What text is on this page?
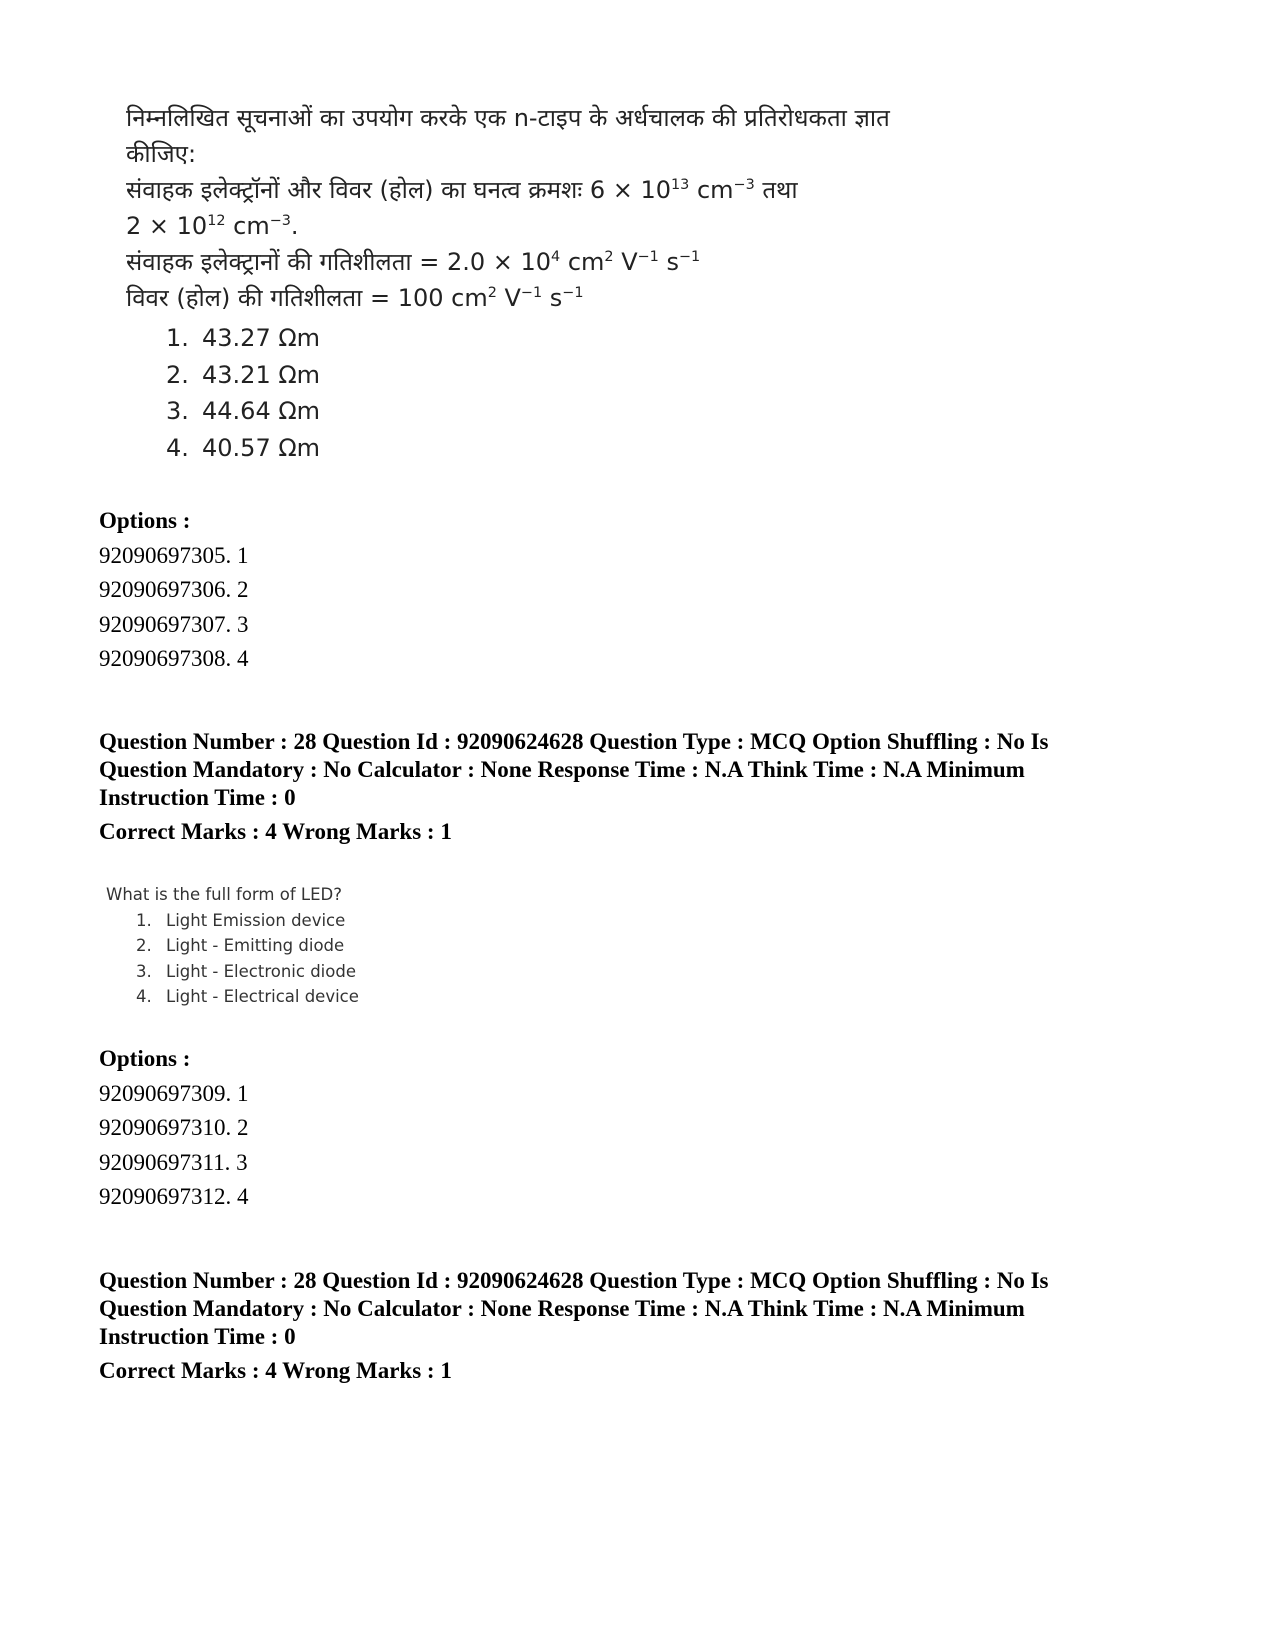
निम्नलिखित सूचनाओं का उपयोग करके एक n-टाइप के अर्धचालक की प्रतिरोधकता ज्ञात
कीजिए:
संवाहक इलेक्ट्रॉनों और विवर (होल) का घनत्व क्रमशः $6 \times 10^{13}$ $cm^{-3}$ तथा
$2 \times 10^{12}$ $cm^{-3}$.
संवाहक इलेक्ट्रानों की गतिशीलता = $2.0 \times 10^4$ $cm^2$ $V^{-1}$ $s^{-1}$
विवर (होल) की गतिशीलता = 100 $cm^2$ $V^{-1}$ $s^{-1}$
1. 43.27 Ωm
2. 43.21 Ωm
3. 44.64 Ωm
4. 40.57 Ωm
Options :
92090697305. 1
92090697306. 2
92090697307. 3
92090697308. 4
Question Number : 28 Question Id : 92090624628 Question Type : MCQ Option Shuffling : No Is
Question Mandatory : No Calculator : None Response Time : N.A Think Time : N.A Minimum
Instruction Time : 0
Correct Marks : 4 Wrong Marks : 1
What is the full form of LED?
1. Light Emission device
2. Light - Emitting diode
3. Light - Electronic diode
4. Light - Electrical device
Options :
92090697309. 1
92090697310. 2
92090697311. 3
92090697312. 4
Question Number : 28 Question Id : 92090624628 Question Type : MCQ Option Shuffling : No Is
Question Mandatory : No Calculator : None Response Time : N.A Think Time : N.A Minimum
Instruction Time : 0
Correct Marks : 4 Wrong Marks : 1
